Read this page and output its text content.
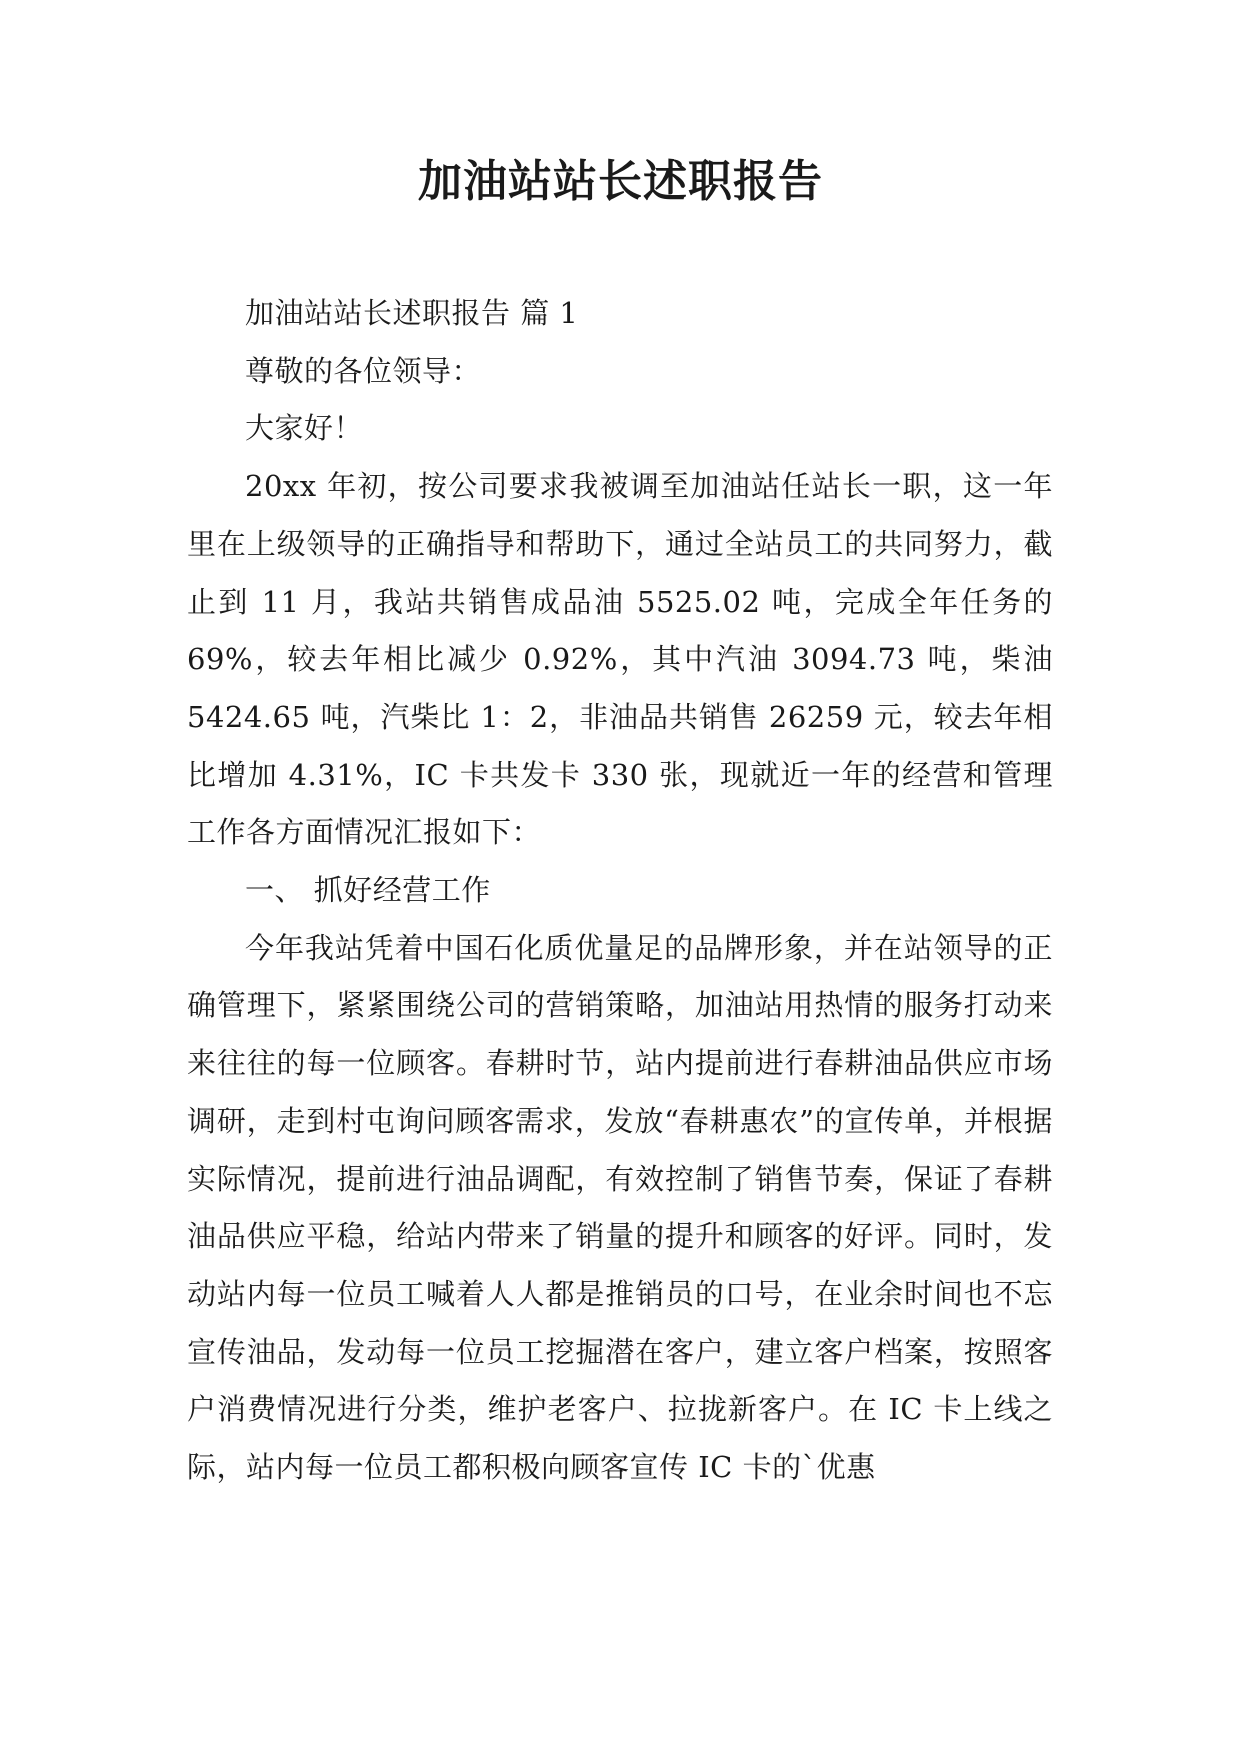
加油站站长述职报告

加油站站长述职报告 篇 1

尊敬的各位领导：

大家好！

20xx 年初，按公司要求我被调至加油站任站长一职，这一年里在上级领导的正确指导和帮助下，通过全站员工的共同努力，截止到 11 月，我站共销售成品油 5525.02 吨，完成全年任务的 69%，较去年相比减少 0.92%，其中汽油 3094.73 吨，柴油 5424.65 吨，汽柴比 1：2，非油品共销售 26259 元，较去年相比增加 4.31%，IC 卡共发卡 330 张，现就近一年的经营和管理工作各方面情况汇报如下：

一、 抓好经营工作

今年我站凭着中国石化质优量足的品牌形象，并在站领导的正确管理下，紧紧围绕公司的营销策略，加油站用热情的服务打动来来往往的每一位顾客。春耕时节，站内提前进行春耕油品供应市场调研，走到村屯询问顾客需求，发放“春耕惠农”的宣传单，并根据实际情况，提前进行油品调配，有效控制了销售节奏，保证了春耕油品供应平稳，给站内带来了销量的提升和顾客的好评。同时，发动站内每一位员工喊着人人都是推销员的口号，在业余时间也不忘宣传油品，发动每一位员工挖掘潜在客户，建立客户档案，按照客户消费情况进行分类，维护老客户、拉拢新客户。在 IC 卡上线之际，站内每一位员工都积极向顾客宣传 IC 卡的`优惠
